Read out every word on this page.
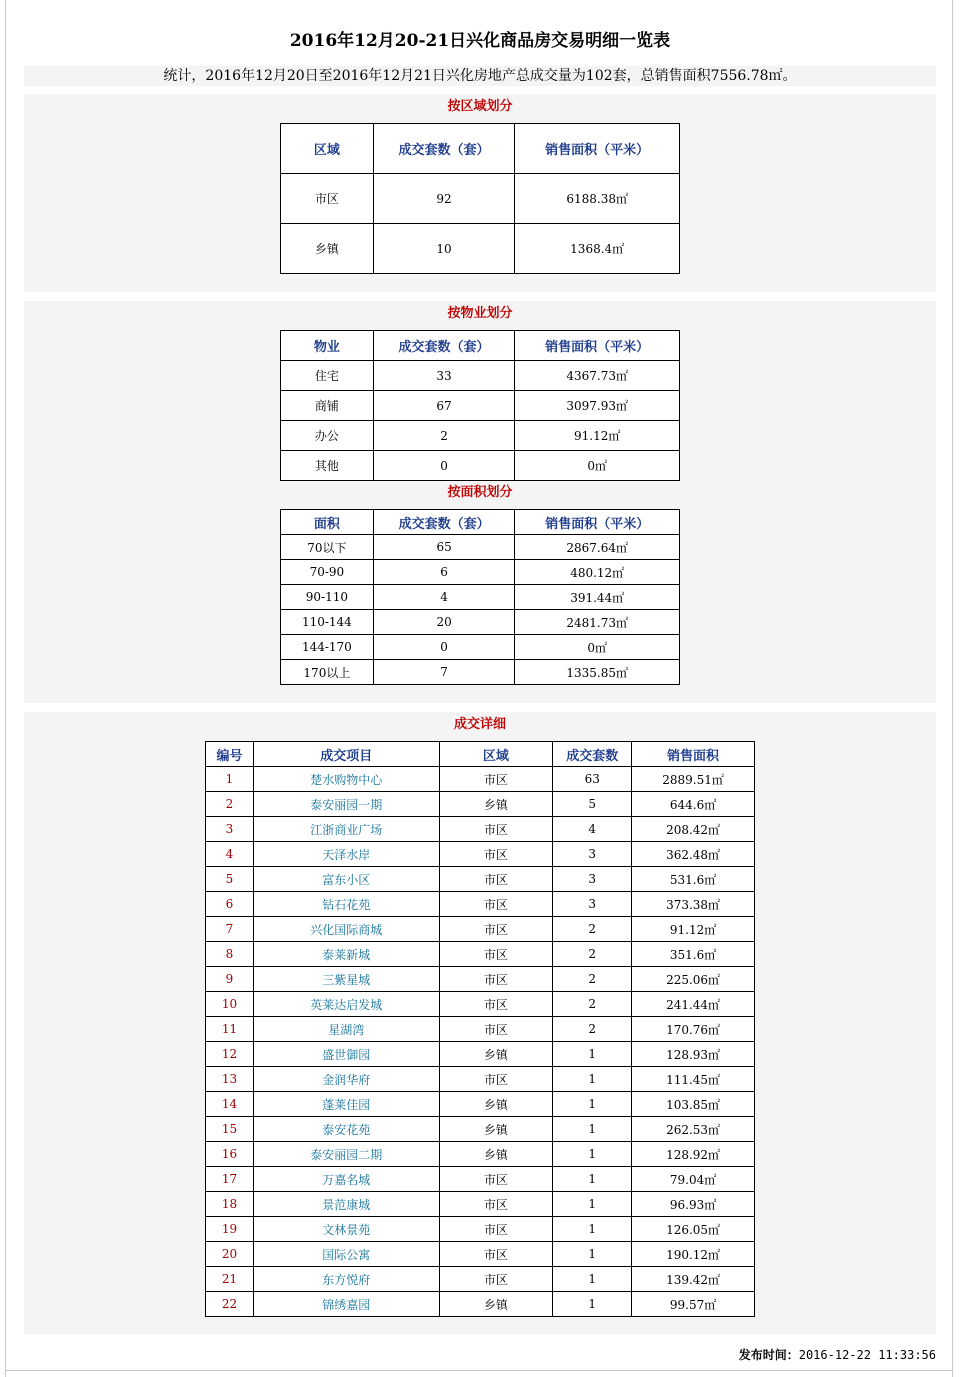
2016年12月20-21日兴化商品房交易明细一览表
统计，2016年12月20日至2016年12月21日兴化房地产总成交量为102套，总销售面积7556.78㎡。
按区域划分
区域	成交套数（套）	销售面积（平米）
市区	92	6188.38㎡
乡镇	10	1368.4㎡
按物业划分
物业	成交套数（套）	销售面积（平米）
住宅	33	4367.73㎡
商铺	67	3097.93㎡
办公	2	91.12㎡
其他	0	0㎡
按面积划分
面积	成交套数（套）	销售面积（平米）
70以下	65	2867.64㎡
70-90	6	480.12㎡
90-110	4	391.44㎡
110-144	20	2481.73㎡
144-170	0	0㎡
170以上	7	1335.85㎡
成交详细
编号	成交项目	区域	成交套数	销售面积
1	楚水购物中心	市区	63	2889.51㎡
2	泰安丽园一期	乡镇	5	644.6㎡
3	江浙商业广场	市区	4	208.42㎡
4	天泽水岸	市区	3	362.48㎡
5	富东小区	市区	3	531.6㎡
6	钻石花苑	市区	3	373.38㎡
7	兴化国际商城	市区	2	91.12㎡
8	泰莱新城	市区	2	351.6㎡
9	三紫星城	市区	2	225.06㎡
10	英莱达启发城	市区	2	241.44㎡
11	星湖湾	市区	2	170.76㎡
12	盛世御园	乡镇	1	128.93㎡
13	金润华府	市区	1	111.45㎡
14	蓬莱佳园	乡镇	1	103.85㎡
15	泰安花苑	乡镇	1	262.53㎡
16	泰安丽园二期	乡镇	1	128.92㎡
17	万嘉名城	市区	1	79.04㎡
18	景范康城	市区	1	96.93㎡
19	文林景苑	市区	1	126.05㎡
20	国际公寓	市区	1	190.12㎡
21	东方悦府	市区	1	139.42㎡
22	锦绣嘉园	乡镇	1	99.57㎡
发布时间：2016-12-22 11:33:56
